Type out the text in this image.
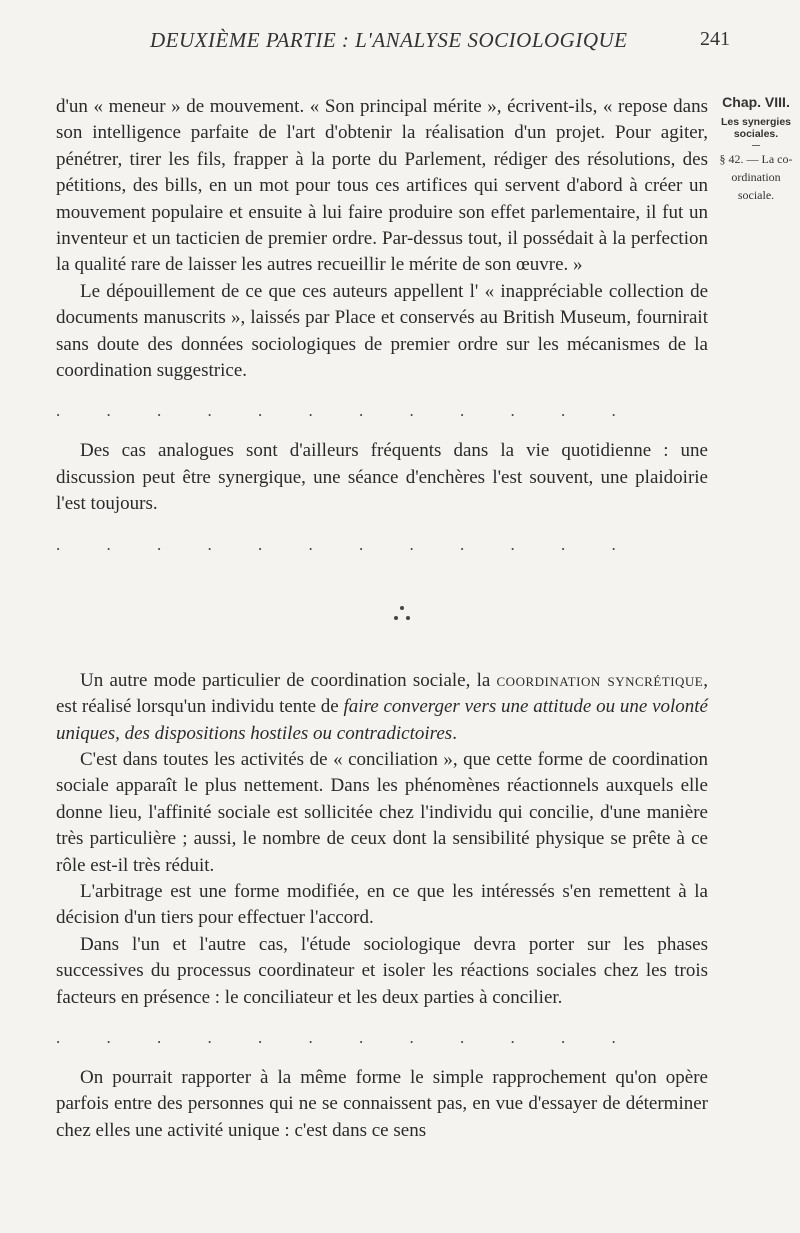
DEUXIÈME PARTIE : L'ANALYSE SOCIOLOGIQUE	241
Chap. VIII.
Les synergies sociales.
§ 42. — La co-ordination sociale.

d'un « meneur » de mouvement. « Son principal mérite », écrivent-ils, « repose dans son intelligence parfaite de l'art d'obtenir la réalisation d'un projet. Pour agiter, pénétrer, tirer les fils, frapper à la porte du Parlement, rédiger des résolutions, des pétitions, des bills, en un mot pour tous ces artifices qui servent d'abord à créer un mouvement populaire et ensuite à lui faire produire son effet parlementaire, il fut un inventeur et un tacticien de premier ordre. Par-dessus tout, il possédait à la perfection la qualité rare de laisser les autres recueillir le mérite de son œuvre. »

Le dépouillement de ce que ces auteurs appellent l' « inappréciable collection de documents manuscrits », laissés par Place et conservés au British Museum, fournirait sans doute des données sociologiques de premier ordre sur les mécanismes de la coordination suggestrice.

. . . . . . . . . . . .

Des cas analogues sont d'ailleurs fréquents dans la vie quotidienne : une discussion peut être synergique, une séance d'enchères l'est souvent, une plaidoirie l'est toujours.

. . . . . . . . . . . .

Un autre mode particulier de coordination sociale, la coordination syncrétique, est réalisé lorsqu'un individu tente de faire converger vers une attitude ou une volonté uniques, des dispositions hostiles ou contradictoires.

C'est dans toutes les activités de « conciliation », que cette forme de coordination sociale apparaît le plus nettement. Dans les phénomènes réactionnels auxquels elle donne lieu, l'affinité sociale est sollicitée chez l'individu qui concilie, d'une manière très particulière ; aussi, le nombre de ceux dont la sensibilité physique se prête à ce rôle est-il très réduit.

L'arbitrage est une forme modifiée, en ce que les intéressés s'en remettent à la décision d'un tiers pour effectuer l'accord.

Dans l'un et l'autre cas, l'étude sociologique devra porter sur les phases successives du processus coordinateur et isoler les réactions sociales chez les trois facteurs en présence : le conciliateur et les deux parties à concilier.

. . . . . . . . . . . .

On pourrait rapporter à la même forme le simple rapprochement qu'on opère parfois entre des personnes qui ne se connaissent pas, en vue d'essayer de déterminer chez elles une activité unique : c'est dans ce sens
